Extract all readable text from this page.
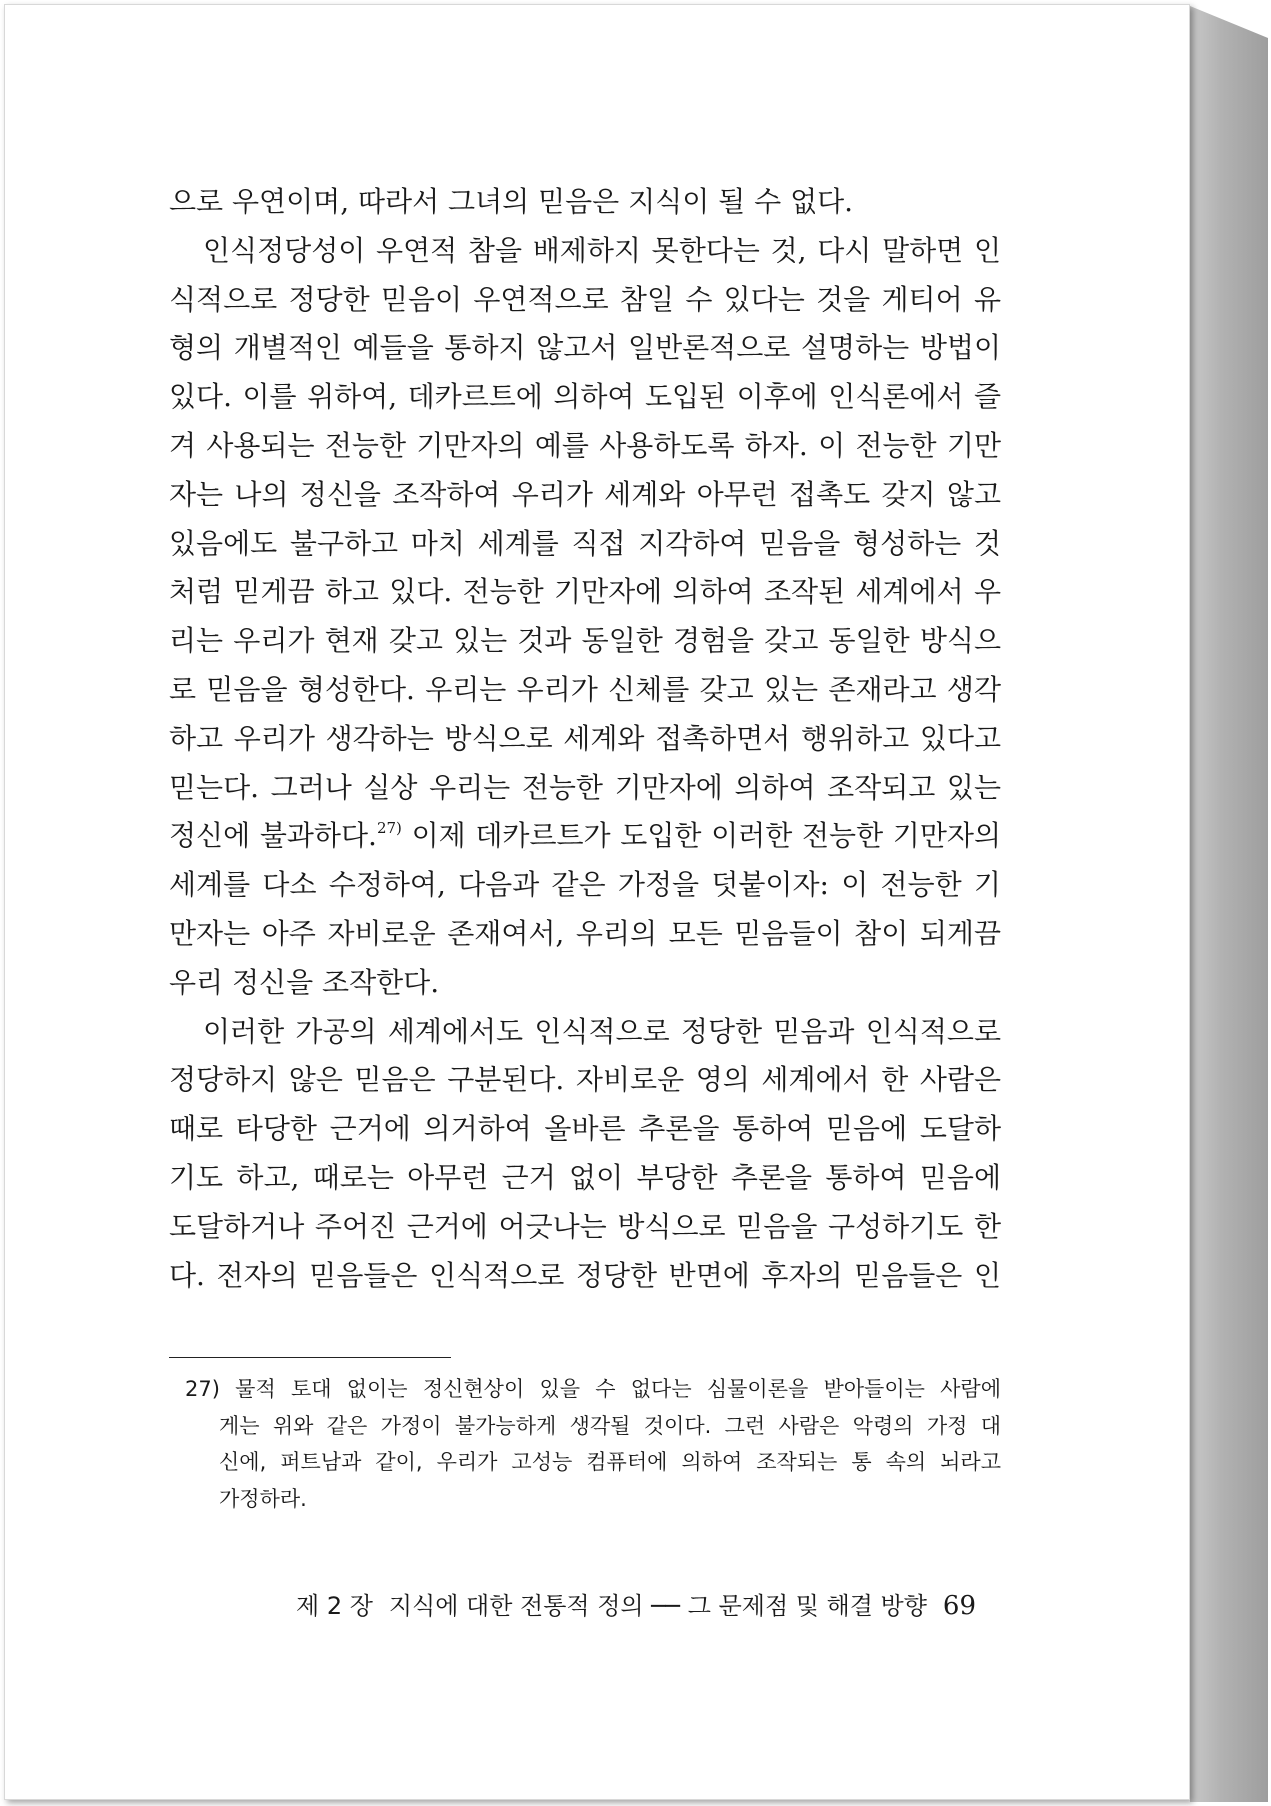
으로 우연이며, 따라서 그녀의 믿음은 지식이 될 수 없다.
인식정당성이 우연적 참을 배제하지 못한다는 것, 다시 말하면 인
식적으로 정당한 믿음이 우연적으로 참일 수 있다는 것을 게티어 유
형의 개별적인 예들을 통하지 않고서 일반론적으로 설명하는 방법이
있다. 이를 위하여, 데카르트에 의하여 도입된 이후에 인식론에서 즐
겨 사용되는 전능한 기만자의 예를 사용하도록 하자. 이 전능한 기만
자는 나의 정신을 조작하여 우리가 세계와 아무런 접촉도 갖지 않고
있음에도 불구하고 마치 세계를 직접 지각하여 믿음을 형성하는 것
처럼 믿게끔 하고 있다. 전능한 기만자에 의하여 조작된 세계에서 우
리는 우리가 현재 갖고 있는 것과 동일한 경험을 갖고 동일한 방식으
로 믿음을 형성한다. 우리는 우리가 신체를 갖고 있는 존재라고 생각
하고 우리가 생각하는 방식으로 세계와 접촉하면서 행위하고 있다고
믿는다. 그러나 실상 우리는 전능한 기만자에 의하여 조작되고 있는
정신에 불과하다.$^{27)}$ 이제 데카르트가 도입한 이러한 전능한 기만자의
세계를 다소 수정하여, 다음과 같은 가정을 덧붙이자: 이 전능한 기
만자는 아주 자비로운 존재여서, 우리의 모든 믿음들이 참이 되게끔
우리 정신을 조작한다.
이러한 가공의 세계에서도 인식적으로 정당한 믿음과 인식적으로
정당하지 않은 믿음은 구분된다. 자비로운 영의 세계에서 한 사람은
때로 타당한 근거에 의거하여 올바른 추론을 통하여 믿음에 도달하
기도 하고, 때로는 아무런 근거 없이 부당한 추론을 통하여 믿음에
도달하거나 주어진 근거에 어긋나는 방식으로 믿음을 구성하기도 한
다. 전자의 믿음들은 인식적으로 정당한 반면에 후자의 믿음들은 인
27) 물적 토대 없이는 정신현상이 있을 수 없다는 심물이론을 받아들이는 사람에
게는 위와 같은 가정이 불가능하게 생각될 것이다. 그런 사람은 악령의 가정 대
신에, 퍼트남과 같이, 우리가 고성능 컴퓨터에 의하여 조작되는 통 속의 뇌라고
가정하라.
제 2 장 지식에 대한 전통적 정의 ── 그 문제점 및 해결 방향 69
